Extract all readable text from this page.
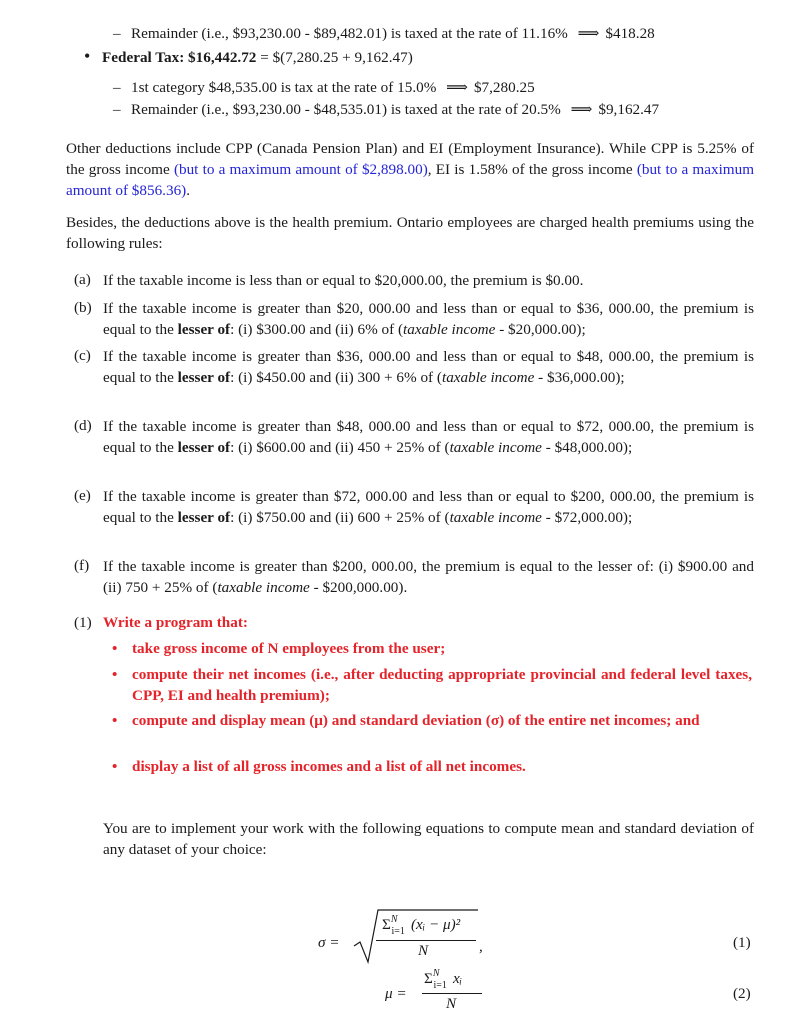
– Remainder (i.e., $93,230.00 - $89,482.01) is taxed at the rate of 11.16% ⟹ $418.28
• Federal Tax: $16,442.72 = $(7,280.25 + 9,162.47)
– 1st category $48,535.00 is tax at the rate of 15.0% ⟹ $7,280.25
– Remainder (i.e., $93,230.00 - $48,535.01) is taxed at the rate of 20.5% ⟹ $9,162.47
Other deductions include CPP (Canada Pension Plan) and EI (Employment Insurance). While CPP is 5.25% of the gross income (but to a maximum amount of $2,898.00), EI is 1.58% of the gross income (but to a maximum amount of $856.36).
Besides, the deductions above is the health premium. Ontario employees are charged health premiums using the following rules:
(a) If the taxable income is less than or equal to $20,000.00, the premium is $0.00.
(b) If the taxable income is greater than $20, 000.00 and less than or equal to $36, 000.00, the premium is equal to the lesser of: (i) $300.00 and (ii) 6% of (taxable income - $20,000.00);
(c) If the taxable income is greater than $36, 000.00 and less than or equal to $48, 000.00, the premium is equal to the lesser of: (i) $450.00 and (ii) 300 + 6% of (taxable income - $36,000.00);
(d) If the taxable income is greater than $48, 000.00 and less than or equal to $72, 000.00, the premium is equal to the lesser of: (i) $600.00 and (ii) 450 + 25% of (taxable income - $48,000.00);
(e) If the taxable income is greater than $72, 000.00 and less than or equal to $200, 000.00, the premium is equal to the lesser of: (i) $750.00 and (ii) 600 + 25% of (taxable income - $72,000.00);
(f) If the taxable income is greater than $200, 000.00, the premium is equal to the lesser of: (i) $900.00 and (ii) 750 + 25% of (taxable income - $200,000.00).
(1) Write a program that:
• take gross income of N employees from the user;
• compute their net incomes (i.e., after deducting appropriate provincial and federal level taxes, CPP, EI and health premium);
• compute and display mean (μ) and standard deviation (σ) of the entire net incomes; and
• display a list of all gross incomes and a list of all net incomes.
You are to implement your work with the following equations to compute mean and standard deviation of any dataset of your choice:
σ =
$\Sigma^N_{i=1}$ (xᵢ − μ)²
N	,	(1)
μ =
$\Sigma^N_{i=1}$ xᵢ
N
(2)
